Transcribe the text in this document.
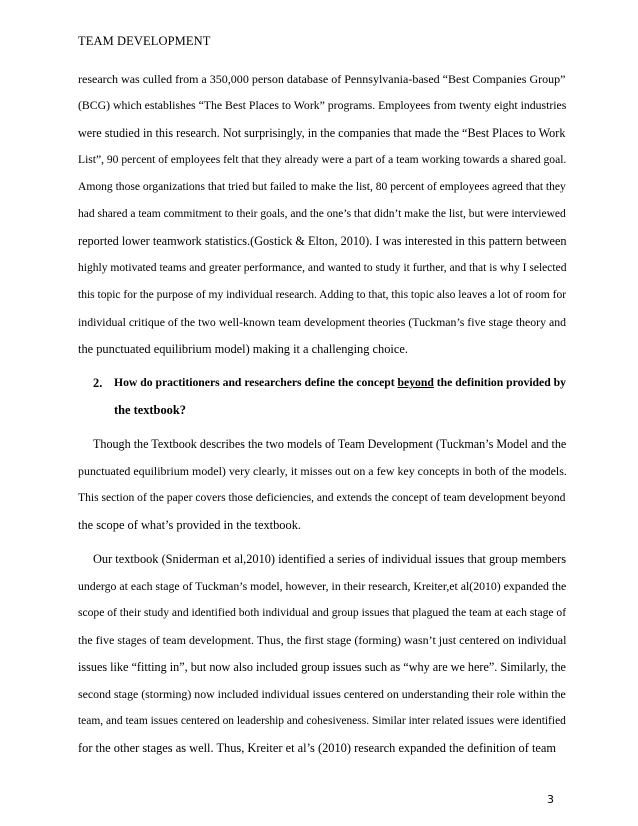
TEAM DEVELOPMENT
research was culled from a 350,000 person database of Pennsylvania-based “Best Companies Group”
(BCG) which establishes “The Best Places to Work” programs. Employees from twenty eight industries
were studied in this research. Not surprisingly, in the companies that made the “Best Places to Work
List”, 90 percent of employees felt that they already were a part of a team working towards a shared goal.
Among those organizations that tried but failed to make the list, 80 percent of employees agreed that they
had shared a team commitment to their goals, and the one’s that didn’t make the list, but were interviewed
reported lower teamwork statistics.(Gostick & Elton, 2010). I was interested in this pattern between
highly motivated teams and greater performance, and wanted to study it further, and that is why I selected
this topic for the purpose of my individual research. Adding to that, this topic also leaves a lot of room for
individual critique of the two well-known team development theories (Tuckman’s five stage theory and
the punctuated equilibrium model) making it a challenging choice.
2. How do practitioners and researchers define the concept beyond the definition provided by
the textbook?
Though the Textbook describes the two models of Team Development (Tuckman’s Model and the
punctuated equilibrium model) very clearly, it misses out on a few key concepts in both of the models.
This section of the paper covers those deficiencies, and extends the concept of team development beyond
the scope of what’s provided in the textbook.
Our textbook (Sniderman et al,2010) identified a series of individual issues that group members
undergo at each stage of Tuckman’s model, however, in their research, Kreiter,et al(2010) expanded the
scope of their study and identified both individual and group issues that plagued the team at each stage of
the five stages of team development. Thus, the first stage (forming) wasn’t just centered on individual
issues like “fitting in”, but now also included group issues such as “why are we here”. Similarly, the
second stage (storming) now included individual issues centered on understanding their role within the
team, and team issues centered on leadership and cohesiveness. Similar inter related issues were identified
for the other stages as well. Thus, Kreiter et al’s (2010) research expanded the definition of team
3
